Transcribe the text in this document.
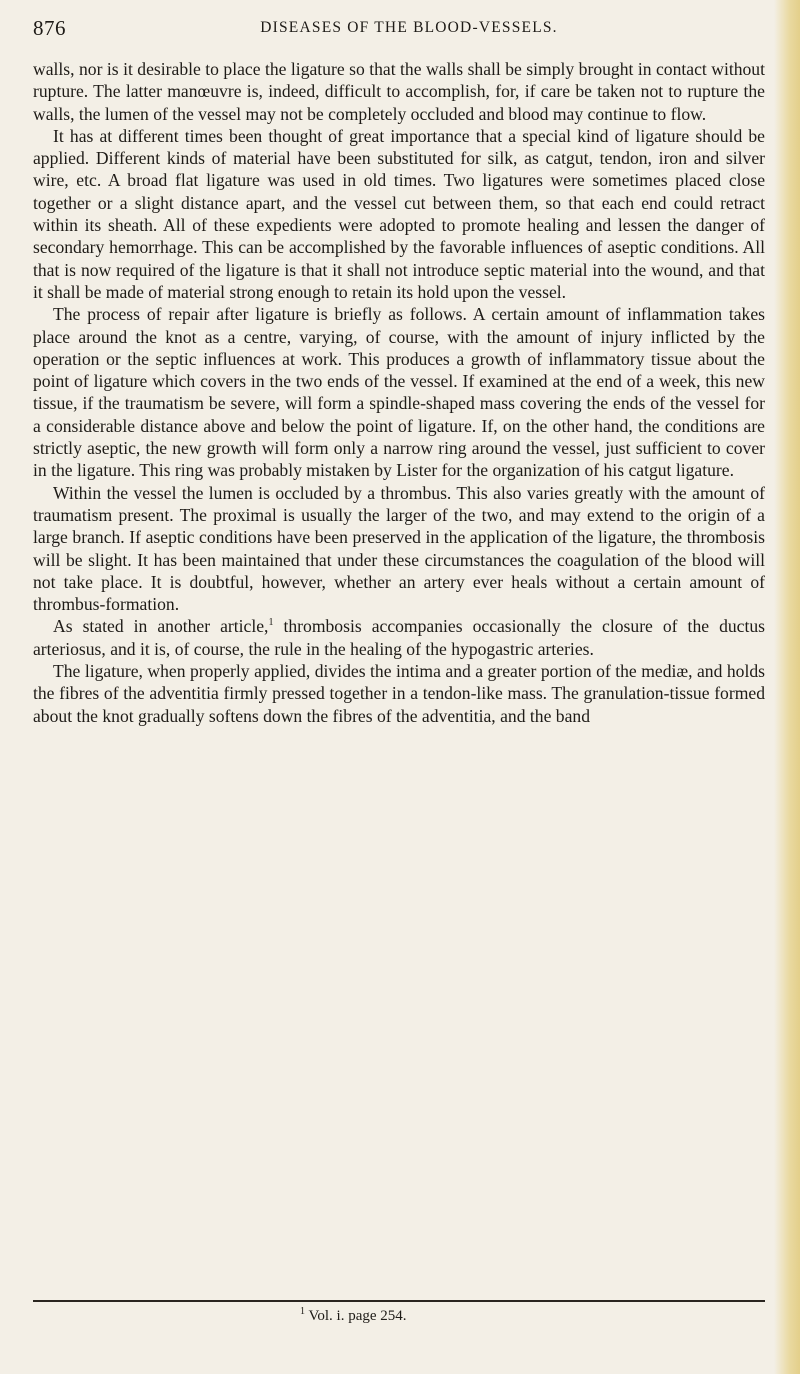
876	DISEASES OF THE BLOOD-VESSELS.

walls, nor is it desirable to place the ligature so that the walls shall be simply brought in contact without rupture. The latter manœuvre is, indeed, difficult to accomplish, for, if care be taken not to rupture the walls, the lumen of the vessel may not be completely occluded and blood may continue to flow.

It has at different times been thought of great importance that a special kind of ligature should be applied. Different kinds of material have been substituted for silk, as catgut, tendon, iron and silver wire, etc. A broad flat ligature was used in old times. Two ligatures were sometimes placed close together or a slight distance apart, and the vessel cut between them, so that each end could retract within its sheath. All of these expedients were adopted to promote healing and lessen the danger of secondary hemorrhage. This can be accomplished by the favorable influences of aseptic conditions. All that is now required of the ligature is that it shall not introduce septic material into the wound, and that it shall be made of material strong enough to retain its hold upon the vessel.

The process of repair after ligature is briefly as follows. A certain amount of inflammation takes place around the knot as a centre, varying, of course, with the amount of injury inflicted by the operation or the septic influences at work. This produces a growth of inflammatory tissue about the point of ligature which covers in the two ends of the vessel. If examined at the end of a week, this new tissue, if the traumatism be severe, will form a spindle-shaped mass covering the ends of the vessel for a considerable distance above and below the point of ligature. If, on the other hand, the conditions are strictly aseptic, the new growth will form only a narrow ring around the vessel, just sufficient to cover in the ligature. This ring was probably mistaken by Lister for the organization of his catgut ligature.

Within the vessel the lumen is occluded by a thrombus. This also varies greatly with the amount of traumatism present. The proximal is usually the larger of the two, and may extend to the origin of a large branch. If aseptic conditions have been preserved in the application of the ligature, the thrombosis will be slight. It has been maintained that under these circumstances the coagulation of the blood will not take place. It is doubtful, however, whether an artery ever heals without a certain amount of thrombus-formation.

As stated in another article,$^1$ thrombosis accompanies occasionally the closure of the ductus arteriosus, and it is, of course, the rule in the healing of the hypogastric arteries.

The ligature, when properly applied, divides the intima and a greater portion of the mediæ, and holds the fibres of the adventitia firmly pressed together in a tendon-like mass. The granulation-tissue formed about the knot gradually softens down the fibres of the adventitia, and the band

$^1$ Vol. i. page 254.
